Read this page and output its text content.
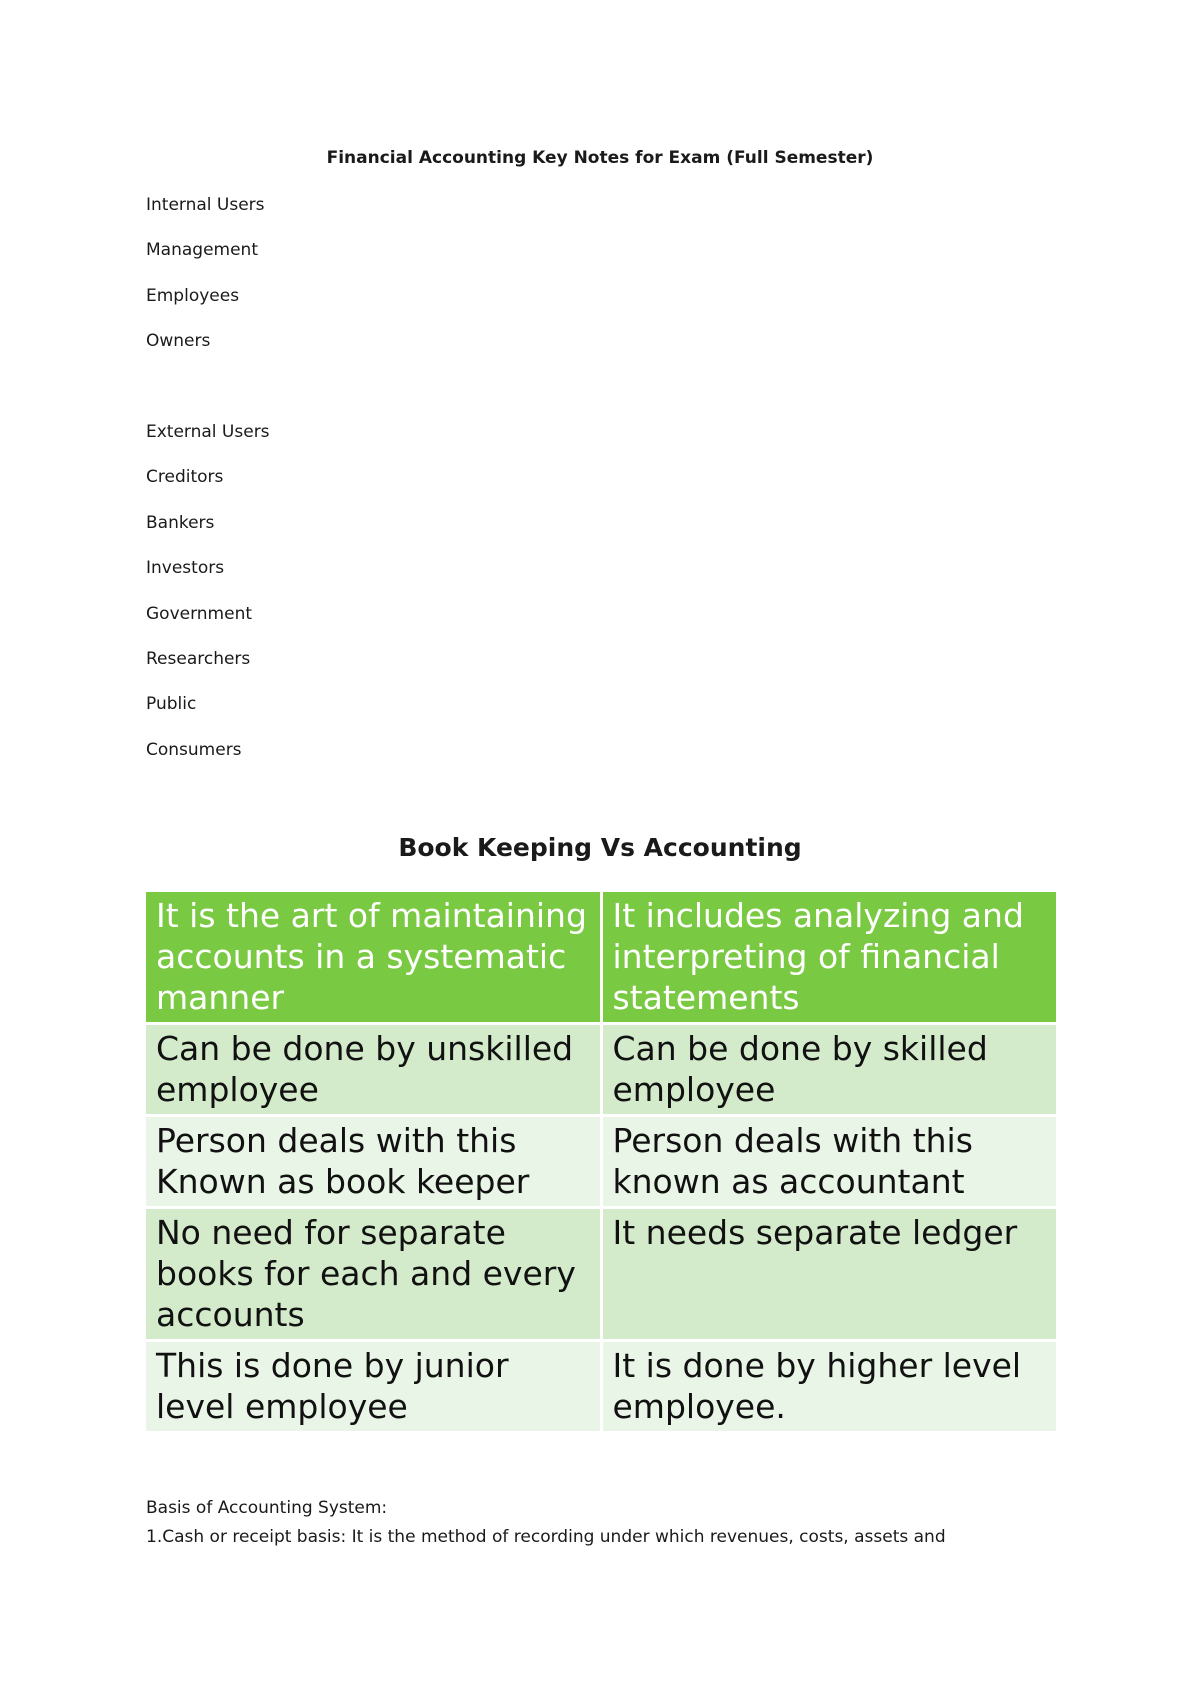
Financial Accounting Key Notes for Exam (Full Semester)
Internal Users
Management
Employees
Owners
External Users
Creditors
Bankers
Investors
Government
Researchers
Public
Consumers
Book Keeping Vs Accounting
It is the art of maintaining accounts in a systematic manner	It includes analyzing and interpreting of financial statements
Can be done by unskilled employee	Can be done by skilled employee
Person deals with this Known as book keeper	Person deals with this known as accountant
No need for separate books for each and every accounts	It needs separate ledger
This is done by junior level employee	It is done by higher level employee.

Basis of Accounting System:

1.Cash or receipt basis: It is the method of recording under which revenues, costs, assets and
